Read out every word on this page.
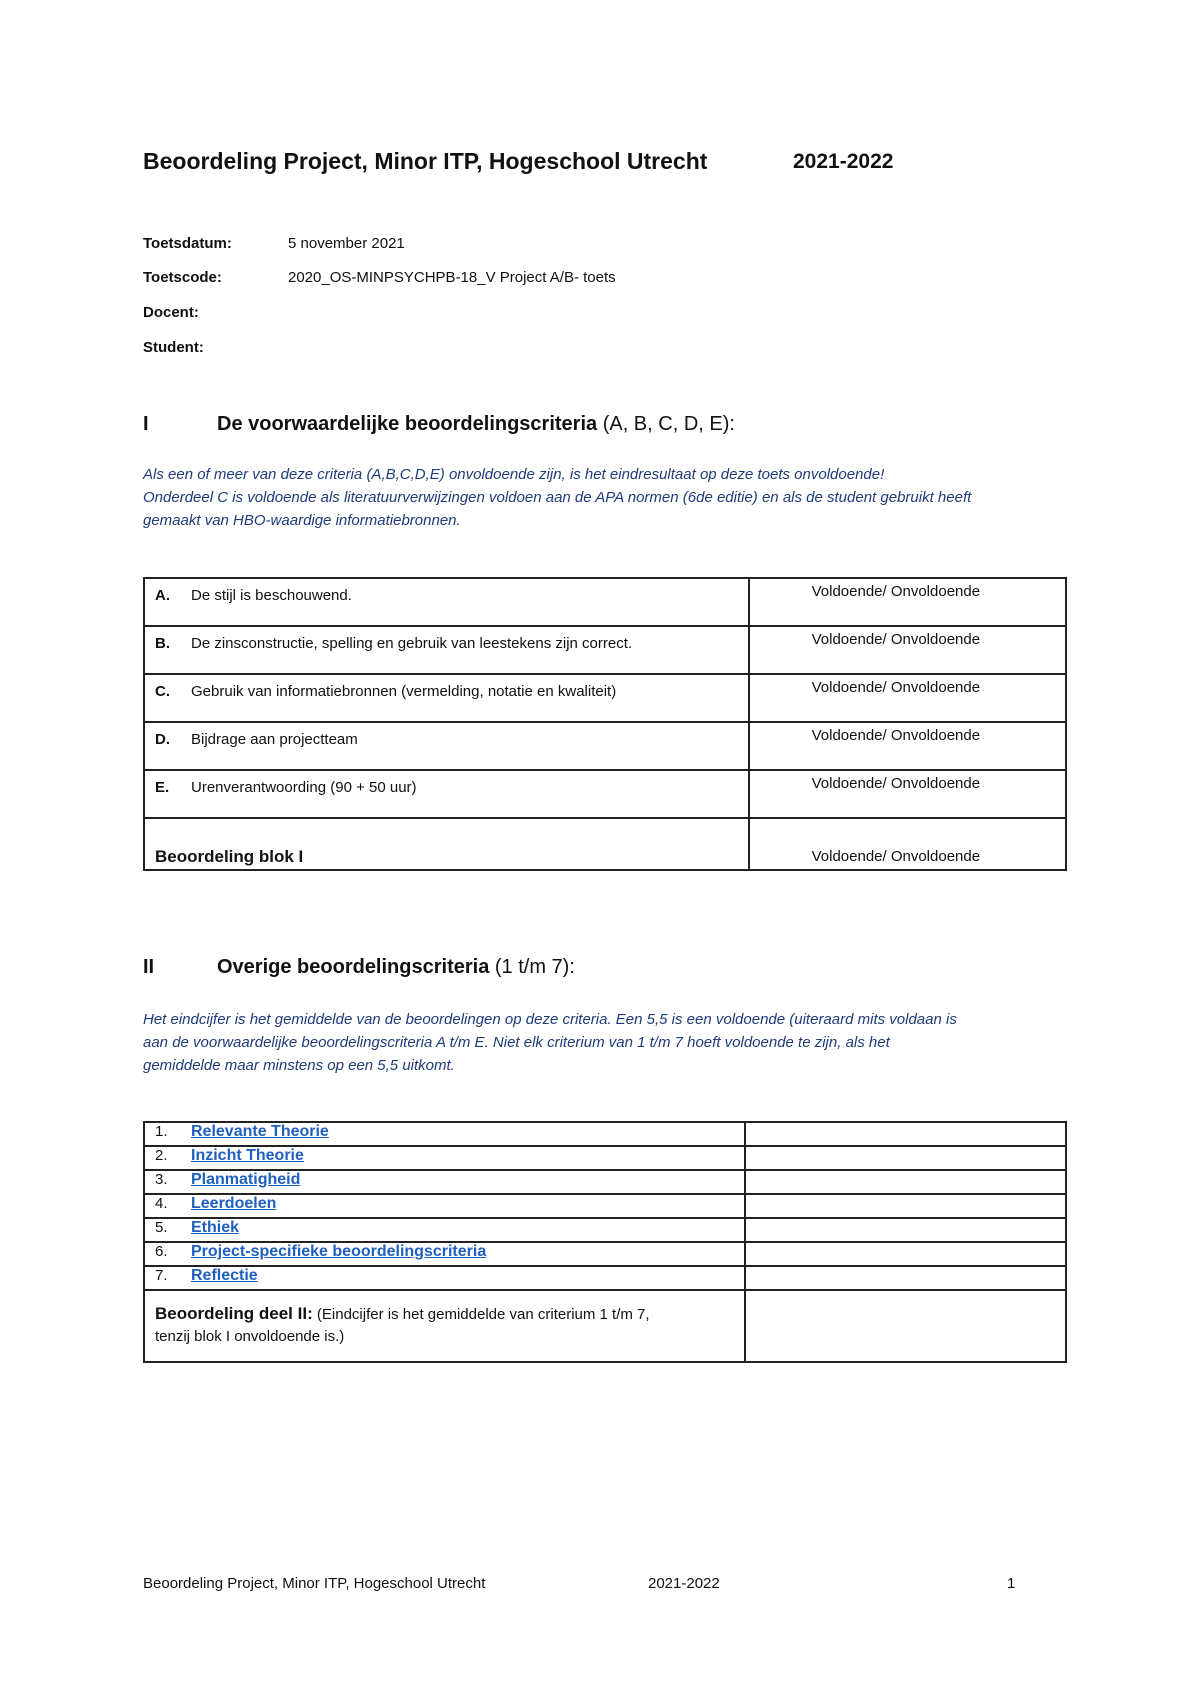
Beoordeling Project, Minor ITP, Hogeschool Utrecht	2021-2022
Toetsdatum:	5 november 2021
Toetscode:	2020_OS-MINPSYCHPB-18_V Project A/B- toets
Docent:
Student:
I	De voorwaardelijke beoordelingscriteria (A, B, C, D, E):
Als een of meer van deze criteria (A,B,C,D,E) onvoldoende zijn, is het eindresultaat op deze toets onvoldoende!
Onderdeel C is voldoende als literatuurverwijzingen voldoen aan de APA normen (6de editie) en als de student gebruikt heeft
gemaakt van HBO-waardige informatiebronnen.
A. De stijl is beschouwend.	Voldoende/ Onvoldoende
B. De zinsconstructie, spelling en gebruik van leestekens zijn correct.	Voldoende/ Onvoldoende
C. Gebruik van informatiebronnen (vermelding, notatie en kwaliteit)	Voldoende/ Onvoldoende
D. Bijdrage aan projectteam	Voldoende/ Onvoldoende
E. Urenverantwoording (90 + 50 uur)	Voldoende/ Onvoldoende
Beoordeling blok I	Voldoende/ Onvoldoende
II	Overige beoordelingscriteria (1 t/m 7):
Het eindcijfer is het gemiddelde van de beoordelingen op deze criteria. Een 5,5 is een voldoende (uiteraard mits voldaan is
aan de voorwaardelijke beoordelingscriteria A t/m E. Niet elk criterium van 1 t/m 7 hoeft voldoende te zijn, als het
gemiddelde maar minstens op een 5,5 uitkomt.
1. Relevante Theorie	
2. Inzicht Theorie	
3. Planmatigheid	
4. Leerdoelen	
5. Ethiek	
6. Project-specifieke beoordelingscriteria	
7. Reflectie	

Beoordeling deel II: (Eindcijfer is het gemiddelde van criterium 1 t/m 7,
tenzij blok I onvoldoende is.)	

Beoordeling Project, Minor ITP, Hogeschool Utrecht	2021-2022	1
